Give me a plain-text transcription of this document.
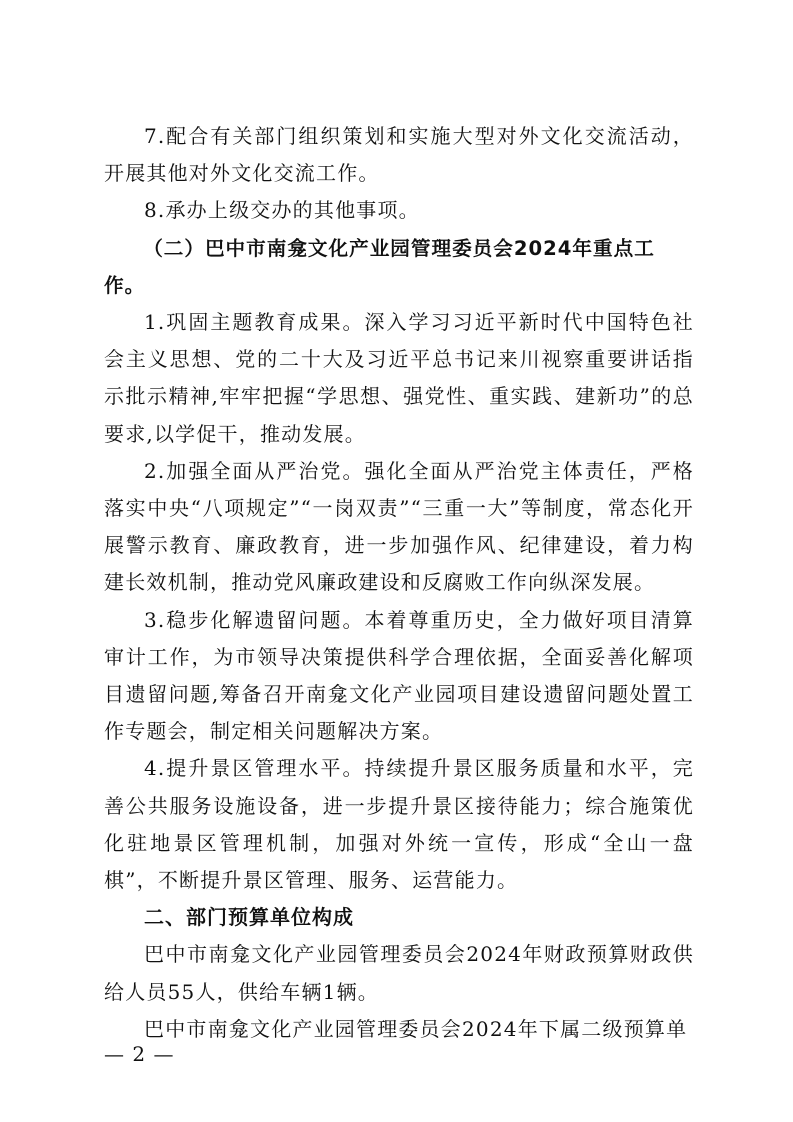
7.配合有关部门组织策划和实施大型对外文化交流活动，开展其他对外文化交流工作。

8.承办上级交办的其他事项。

（二）巴中市南龛文化产业园管理委员会2024年重点工作。

1.巩固主题教育成果。深入学习习近平新时代中国特色社会主义思想、党的二十大及习近平总书记来川视察重要讲话指示批示精神,牢牢把握“学思想、强党性、重实践、建新功”的总要求,以学促干，推动发展。

2.加强全面从严治党。强化全面从严治党主体责任，严格落实中央“八项规定”“一岗双责”“三重一大”等制度，常态化开展警示教育、廉政教育，进一步加强作风、纪律建设，着力构建长效机制，推动党风廉政建设和反腐败工作向纵深发展。

3.稳步化解遗留问题。本着尊重历史，全力做好项目清算审计工作，为市领导决策提供科学合理依据，全面妥善化解项目遗留问题,筹备召开南龛文化产业园项目建设遗留问题处置工作专题会，制定相关问题解决方案。

4.提升景区管理水平。持续提升景区服务质量和水平，完善公共服务设施设备，进一步提升景区接待能力；综合施策优化驻地景区管理机制，加强对外统一宣传，形成“全山一盘棋”，不断提升景区管理、服务、运营能力。

二、部门预算单位构成

巴中市南龛文化产业园管理委员会2024年财政预算财政供给人员55人，供给车辆1辆。

巴中市南龛文化产业园管理委员会2024年下属二级预算单

— 2 —
